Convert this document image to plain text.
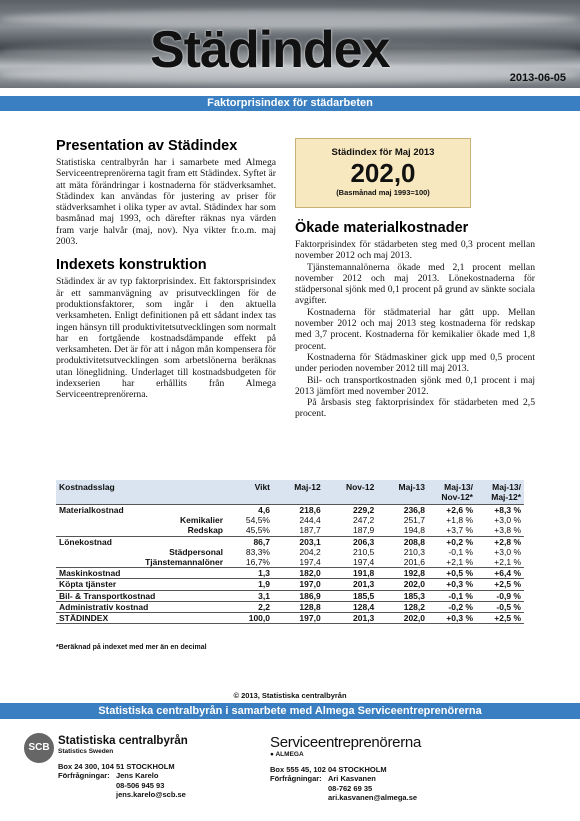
Städindex	2013-06-05
Faktorprisindex för städarbeten
Presentation av Städindex

Statistiska centralbyrån har i samarbete med Almega Serviceentreprenörerna tagit fram ett Städindex. Syftet är att mäta förändringar i kostnaderna för städverksamhet. Städindex kan användas för justering av priser för städverksamhet i olika typer av avtal. Städindex har som basmånad maj 1993, och därefter räknas nya värden fram varje halvår (maj, nov). Nya vikter fr.o.m. maj 2003.

Indexets konstruktion

Städindex är av typ faktorprisindex. Ett faktorsprisindex är ett sammanvägning av prisutvecklingen för de produktionsfaktorer, som ingår i den aktuella verksamheten. Enligt definitionen på ett sådant index tas ingen hänsyn till produktivitetsutvecklingen som normalt har en fortgående kostnadsdämpande effekt på verksamheten. Det är för att i någon mån kompensera för produktivitetsutvecklingen som arbetslönerna beräknas utan löneglidning. Underlaget till kostnadsbudgeten för indexserien har erhållits från Almega Serviceentreprenörerna.

Städindex för Maj 2013
202,0
(Basmånad maj 1993=100)
Ökade materialkostnader

Faktorprisindex för städarbeten steg med 0,3 procent mellan november 2012 och maj 2013.

Tjänstemannalönerna ökade med 2,1 procent mellan november 2012 och maj 2013. Lönekostnaderna för städpersonal sjönk med 0,1 procent på grund av sänkte sociala avgifter.

Kostnaderna för städmaterial har gått upp. Mellan november 2012 och maj 2013 steg kostnaderna för redskap med 3,7 procent. Kostnaderna för kemikalier ökade med 1,8 procent.

Kostnaderna för Städmaskiner gick upp med 0,5 procent under perioden november 2012 till maj 2013.

Bil- och transportkostnaden sjönk med 0,1 procent i maj 2013 jämfört med november 2012.

På årsbasis steg faktorprisindex för städarbeten med 2,5 procent.

Kostnadsslag	Vikt	Maj-12	Nov-12	Maj-13	Maj-13/ Nov-12*	Maj-13/ Maj-12*
Materialkostnad	4,6	218,6	229,2	236,8	+2,6 %	+8,3 %
Kemikalier	54,5%	244,4	247,2	251,7	+1,8 %	+3,0 %
Redskap	45,5%	187,7	187,9	194,8	+3,7 %	+3,8 %
Lönekostnad	86,7	203,1	206,3	208,8	+0,2 %	+2,8 %
Städpersonal	83,3%	204,2	210,5	210,3	-0,1 %	+3,0 %
Tjänstemannalöner	16,7%	197,4	197,4	201,6	+2,1 %	+2,1 %
Maskinkostnad	1,3	182,0	191,8	192,8	+0,5 %	+6,4 %
Köpta tjänster	1,9	197,0	201,3	202,0	+0,3 %	+2,5 %
Bil- & Transportkostnad	3,1	186,9	185,5	185,3	-0,1 %	-0,9 %
Administrativ kostnad	2,2	128,8	128,4	128,2	-0,2 %	-0,5 %
STÄDINDEX	100,0	197,0	201,3	202,0	+0,3 %	+2,5 %
*Beräknad på indexet med mer än en decimal
© 2013, Statistiska centralbyrån
Statistiska centralbyrån i samarbete med Almega Serviceentreprenörerna
SCB
Statistiska centralbyrån
Statistics Sweden
Box 24 300, 104 51 STOCKHOLM
Förfrågningar: Jens Karelo
08-506 945 93
jens.karelo@scb.se
Serviceentreprenörerna
● ALMEGA
Box 555 45, 102 04 STOCKHOLM
Förfrågningar: Ari Kasvanen
08-762 69 35
ari.kasvanen@almega.se
